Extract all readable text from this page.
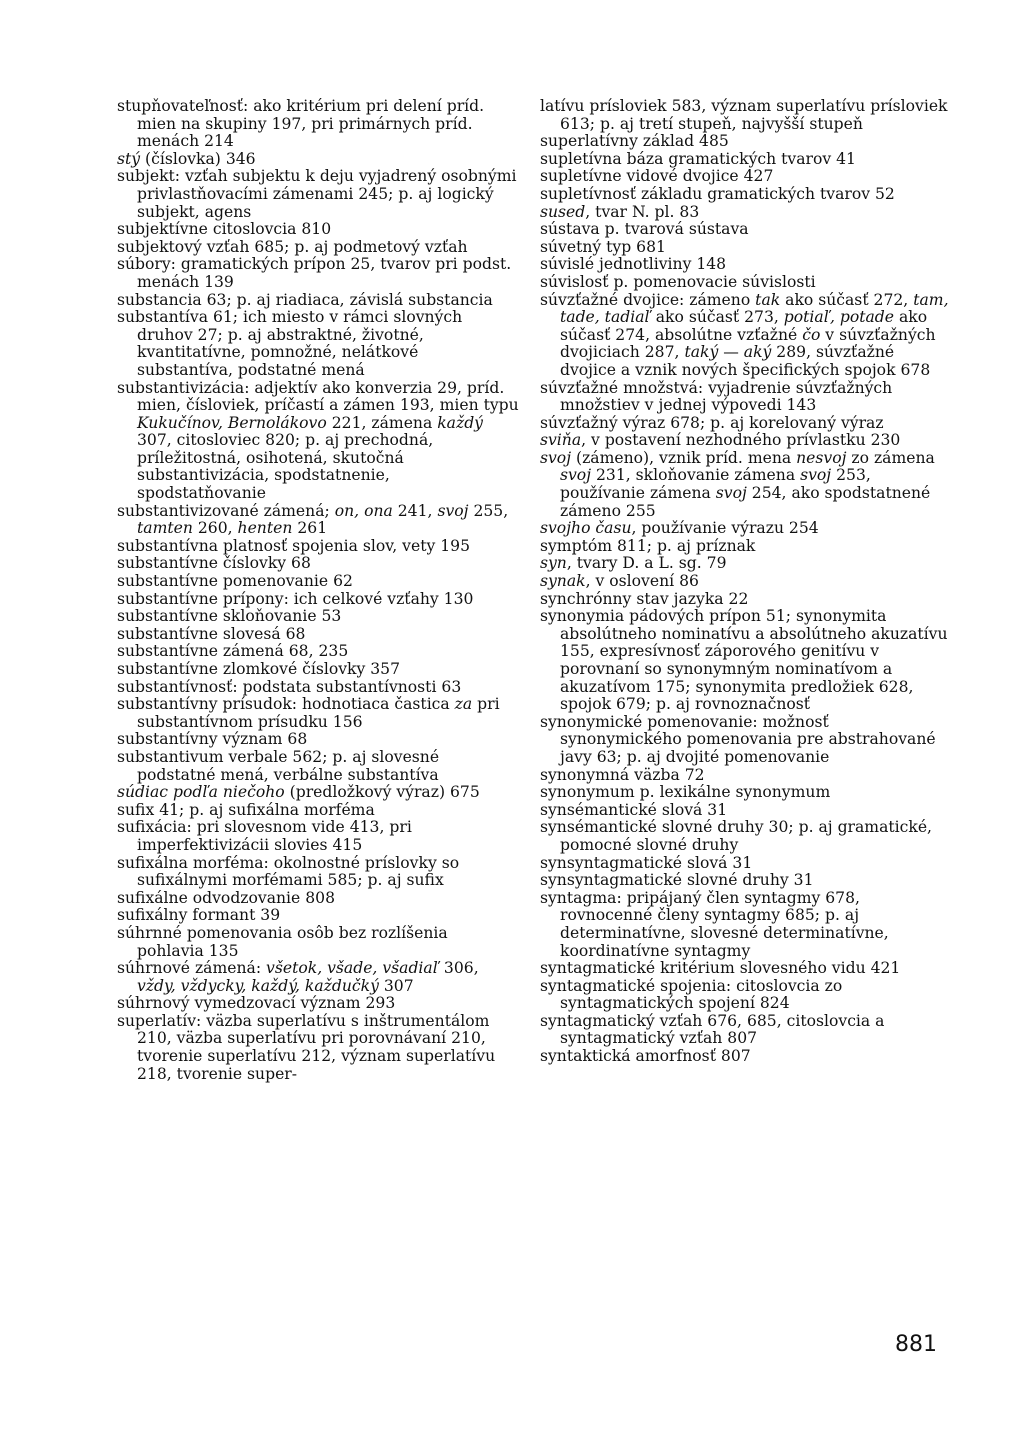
stupňovateľnosť: ako kritérium pri delení príd. mien na skupiny 197, pri primárnych príd. menách 214

stý (číslovka) 346

subjekt: vzťah subjektu k deju vyjadrený osobnými privlastňovacími zámenami 245; p. aj logický subjekt, agens

subjektívne citoslovcia 810

subjektový vzťah 685; p. aj podmetový vzťah

súbory: gramatických prípon 25, tvarov pri podst. menách 139

substancia 63; p. aj riadiaca, závislá substancia

substantíva 61; ich miesto v rámci slovných druhov 27; p. aj abstraktné, životné, kvantitatívne, pomnožné, nelátkové substantíva, podstatné mená

substantivizácia: adjektív ako konverzia 29, príd. mien, čísloviek, príčastí a zámen 193, mien typu Kukučínov, Bernolákovo 221, zámena každý 307, citosloviec 820; p. aj prechodná, príležitostná, osihotená, skutočná substantivizácia, spodstatnenie, spodstatňovanie

substantivizované zámená; on, ona 241, svoj 255, tamten 260, henten 261

substantívna platnosť spojenia slov, vety 195

substantívne číslovky 68

substantívne pomenovanie 62

substantívne prípony: ich celkové vzťahy 130

substantívne skloňovanie 53

substantívne slovesá 68

substantívne zámená 68, 235

substantívne zlomkové číslovky 357

substantívnosť: podstata substantívnosti 63

substantívny prísudok: hodnotiaca častica za pri substantívnom prísudku 156

substantívny význam 68

substantivum verbale 562; p. aj slovesné podstatné mená, verbálne substantíva

súdiac podľa niečoho (predložkový výraz) 675

sufix 41; p. aj sufixálna morféma

sufixácia: pri slovesnom vide 413, pri imperfektivizácii slovies 415

sufixálna morféma: okolnostné príslovky so sufixálnymi morfémami 585; p. aj sufix

sufixálne odvodzovanie 808

sufixálny formant 39

súhrnné pomenovania osôb bez rozlíšenia pohlavia 135

súhrnové zámená: všetok, všade, všadiaľ 306, vždy, vždycky, každý, každučký 307

súhrnový vymedzovací význam 293

superlatív: väzba superlatívu s inštrumentálom 210, väzba superlatívu pri porovnávaní 210, tvorenie superlatívu 212, význam superlatívu 218, tvorenie super-

latívu prísloviek 583, význam superlatívu prísloviek 613; p. aj tretí stupeň, najvyšší stupeň

superlatívny základ 485

supletívna báza gramatických tvarov 41

supletívne vidové dvojice 427

supletívnosť základu gramatických tvarov 52

sused, tvar N. pl. 83

sústava p. tvarová sústava

súvetný typ 681

súvislé jednotliviny 148

súvislosť p. pomenovacie súvislosti

súvzťažné dvojice: zámeno tak ako súčasť 272, tam, tade, tadiaľ ako súčasť 273, potiaľ, potade ako súčasť 274, absolútne vzťažné čo v súvzťažných dvojiciach 287, taký — aký 289, súvzťažné dvojice a vznik nových špecifických spojok 678

súvzťažné množstvá: vyjadrenie súvzťažných množstiev v jednej výpovedi 143

súvzťažný výraz 678; p. aj korelovaný výraz

sviňa, v postavení nezhodného prívlastku 230

svoj (zámeno), vznik príd. mena nesvoj zo zámena svoj 231, skloňovanie zámena svoj 253, používanie zámena svoj 254, ako spodstatnené zámeno 255

svojho času, používanie výrazu 254

symptóm 811; p. aj príznak

syn, tvary D. a L. sg. 79

synak, v oslovení 86

synchrónny stav jazyka 22

synonymia pádových prípon 51; synonymita absolútneho nominatívu a absolútneho akuzatívu 155, expresívnosť záporového genitívu v porovnaní so synonymným nominatívom a akuzatívom 175; synonymita predložiek 628, spojok 679; p. aj rovnoznačnosť

synonymické pomenovanie: možnosť synonymického pomenovania pre abstrahované javy 63; p. aj dvojité pomenovanie

synonymná väzba 72

synonymum p. lexikálne synonymum

synsémantické slová 31

synsémantické slovné druhy 30; p. aj gramatické, pomocné slovné druhy

synsyntagmatické slová 31

synsyntagmatické slovné druhy 31

syntagma: pripájaný člen syntagmy 678, rovnocenné členy syntagmy 685; p. aj determinatívne, slovesné determinatívne, koordinatívne syntagmy

syntagmatické kritérium slovesného vidu 421

syntagmatické spojenia: citoslovcia zo syntagmatických spojení 824

syntagmatický vzťah 676, 685, citoslovcia a syntagmatický vzťah 807

syntaktická amorfnosť 807

881
